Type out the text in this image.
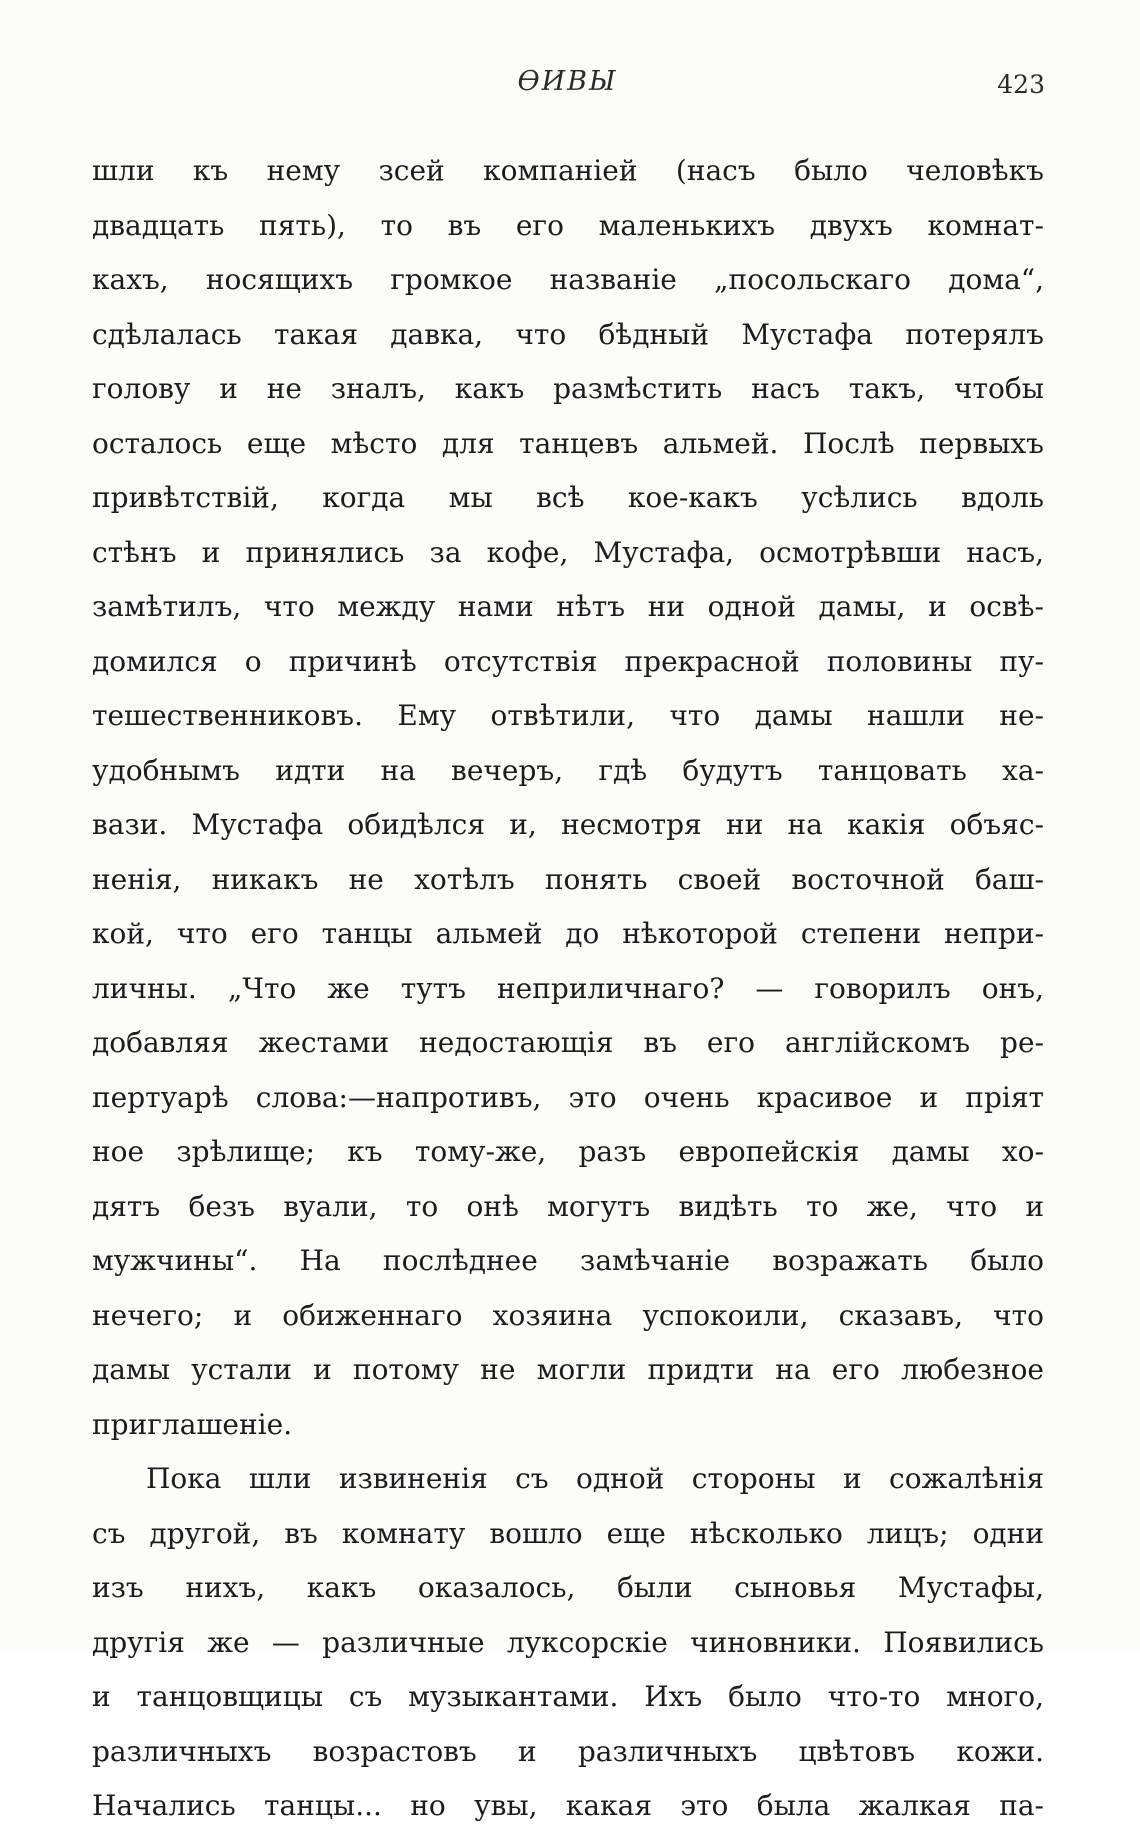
ѲИВЫ	423
шли къ нему зсей компаніей (насъ было человѣкъ
двадцать пять), то въ его маленькихъ двухъ комнат-
кахъ, носящихъ громкое названіе „посольскаго дома“,
сдѣлалась такая давка, что бѣдный Мустафа потерялъ
голову и не зналъ, какъ размѣстить насъ такъ, чтобы
осталось еще мѣсто для танцевъ альмей. Послѣ первыхъ
привѣтствій, когда мы всѣ кое-какъ усѣлись вдоль
стѣнъ и принялись за кофе, Мустафа, осмотрѣвши насъ,
замѣтилъ, что между нами нѣтъ ни одной дамы, и освѣ-
домился о причинѣ отсутствія прекрасной половины пу-
тешественниковъ. Ему отвѣтили, что дамы нашли не-
удобнымъ идти на вечеръ, гдѣ будутъ танцовать ха-
вази. Мустафа обидѣлся и, несмотря ни на какія объяс-
ненія, никакъ не хотѣлъ понять своей восточной баш-
кой, что его танцы альмей до нѣкоторой степени непри-
личны. „Что же тутъ неприличнаго? — говорилъ онъ,
добавляя жестами недостающія въ его англійскомъ ре-
пертуарѣ слова:—напротивъ, это очень красивое и пріят
ное зрѣлище; къ тому-же, разъ европейскія дамы хо-
дятъ безъ вуали, то онѣ могутъ видѣть то же, что и
мужчины“. На послѣднее замѣчаніе возражать было
нечего; и обиженнаго хозяина успокоили, сказавъ, что
дамы устали и потому не могли придти на его любезное
приглашеніе.
Пока шли извиненія съ одной стороны и сожалѣнія
съ другой, въ комнату вошло еще нѣсколько лицъ; одни
изъ нихъ, какъ оказалось, были сыновья Мустафы,
другія же — различные луксорскіе чиновники. Появились
и танцовщицы съ музыкантами. Ихъ было что-то много,
различныхъ возрастовъ и различныхъ цвѣтовъ кожи.
Начались танцы... но увы, какая это была жалкая па-
